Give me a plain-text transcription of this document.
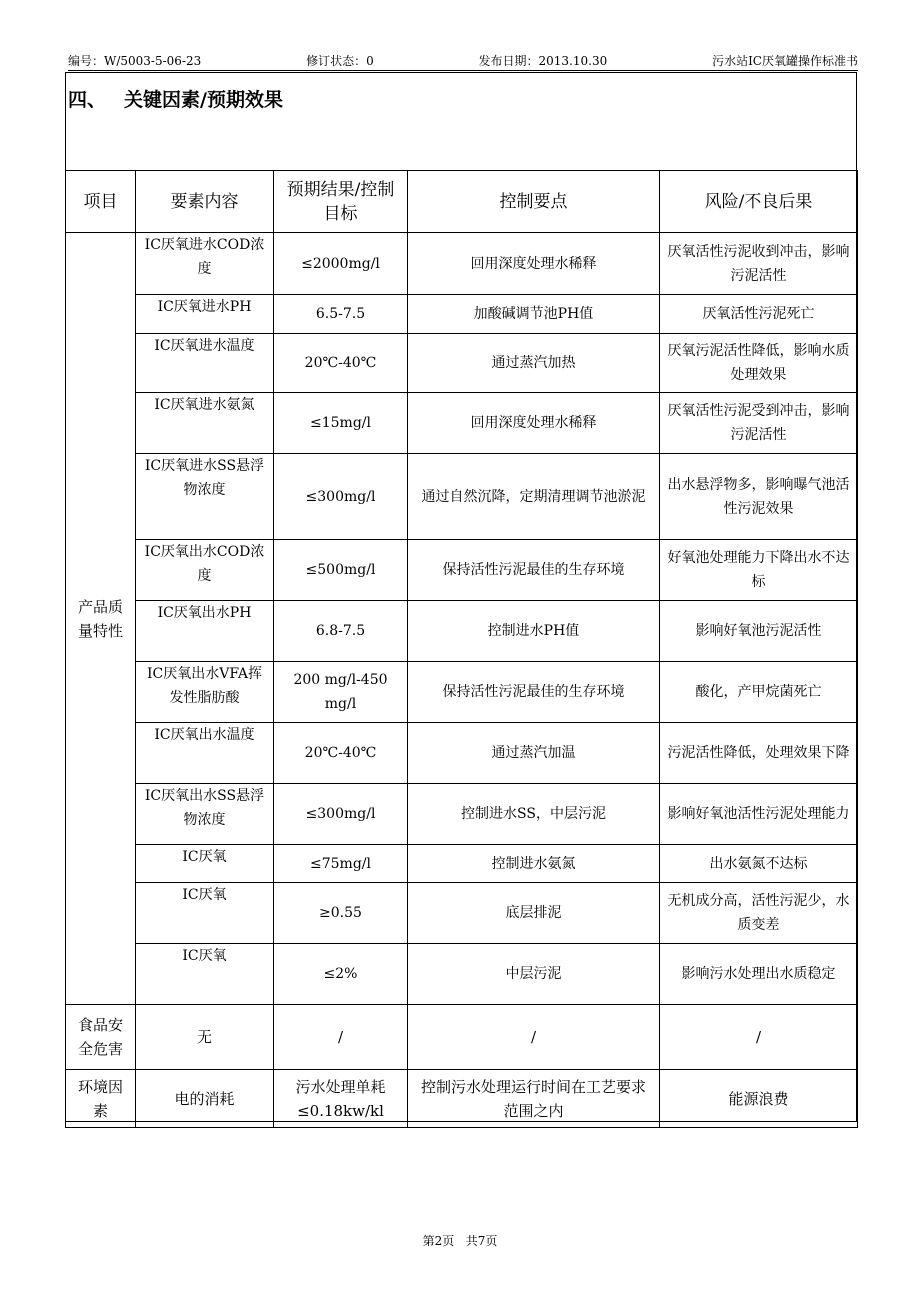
编号：W/5003-5-06-23	修订状态：0	发布日期：2013.10.30	污水站IC厌氧罐操作标准书
四、 关键因素/预期效果
项目	要素内容	预期结果/控制目标	控制要点	风险/不良后果
产品质量特性	IC厌氧进水COD浓度	≤2000mg/l	回用深度处理水稀释	厌氧活性污泥收到冲击，影响污泥活性
	IC厌氧进水PH	6.5-7.5	加酸碱调节池PH值	厌氧活性污泥死亡
	IC厌氧进水温度	20℃-40℃	通过蒸汽加热	厌氧污泥活性降低，影响水质处理效果
	IC厌氧进水氨氮	≤15mg/l	回用深度处理水稀释	厌氧活性污泥受到冲击，影响污泥活性
	IC厌氧进水SS悬浮物浓度	≤300mg/l	通过自然沉降，定期清理调节池淤泥	出水悬浮物多，影响曝气池活性污泥效果
	IC厌氧出水COD浓度	≤500mg/l	保持活性污泥最佳的生存环境	好氧池处理能力下降出水不达标
	IC厌氧出水PH	6.8-7.5	控制进水PH值	影响好氧池污泥活性
	IC厌氧出水VFA挥发性脂肪酸	200 mg/l-450 mg/l	保持活性污泥最佳的生存环境	酸化，产甲烷菌死亡
	IC厌氧出水温度	20℃-40℃	通过蒸汽加温	污泥活性降低，处理效果下降
	IC厌氧出水SS悬浮物浓度	≤300mg/l	控制进水SS，中层污泥	影响好氧池活性污泥处理能力
	IC厌氧	≤75mg/l	控制进水氨氮	出水氨氮不达标
	IC厌氧	≥0.55	底层排泥	无机成分高，活性污泥少，水质变差
	IC厌氧	≤2%	中层污泥	影响污水处理出水质稳定
食品安全危害	无	/	/	/
环境因素	电的消耗	污水处理单耗≤0.18kw/kl	控制污水处理运行时间在工艺要求范围之内	能源浪费
第2页 共7页
